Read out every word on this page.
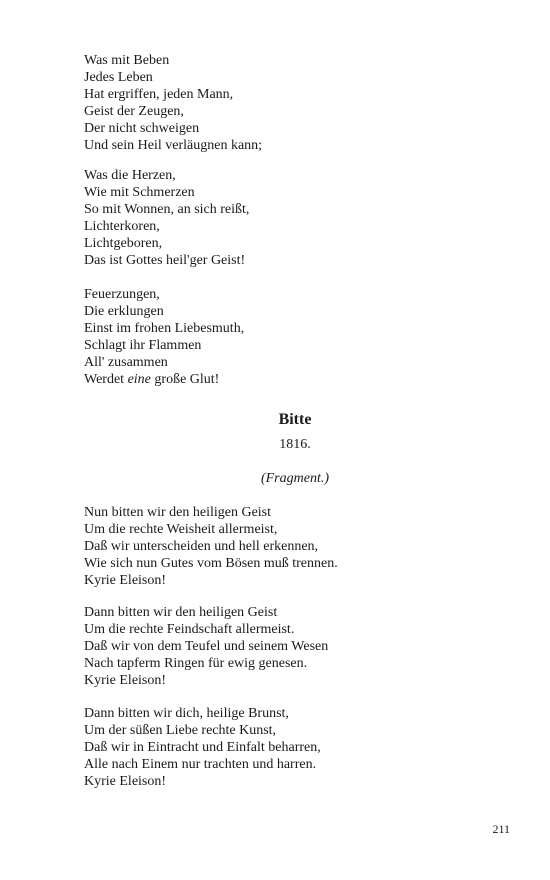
Was mit Beben
Jedes Leben
Hat ergriffen, jeden Mann,
Geist der Zeugen,
Der nicht schweigen
Und sein Heil verläugnen kann;
Was die Herzen,
Wie mit Schmerzen
So mit Wonnen, an sich reißt,
Lichterkoren,
Lichtgeboren,
Das ist Gottes heil'ger Geist!
Feuerzungen,
Die erklungen
Einst im frohen Liebesmuth,
Schlagt ihr Flammen
All' zusammen
Werdet eine große Glut!
Bitte
1816.
(Fragment.)
Nun bitten wir den heiligen Geist
Um die rechte Weisheit allermeist,
Daß wir unterscheiden und hell erkennen,
Wie sich nun Gutes vom Bösen muß trennen.
Kyrie Eleison!
Dann bitten wir den heiligen Geist
Um die rechte Feindschaft allermeist.
Daß wir von dem Teufel und seinem Wesen
Nach tapferm Ringen für ewig genesen.
Kyrie Eleison!
Dann bitten wir dich, heilige Brunst,
Um der süßen Liebe rechte Kunst,
Daß wir in Eintracht und Einfalt beharren,
Alle nach Einem nur trachten und harren.
Kyrie Eleison!
211
